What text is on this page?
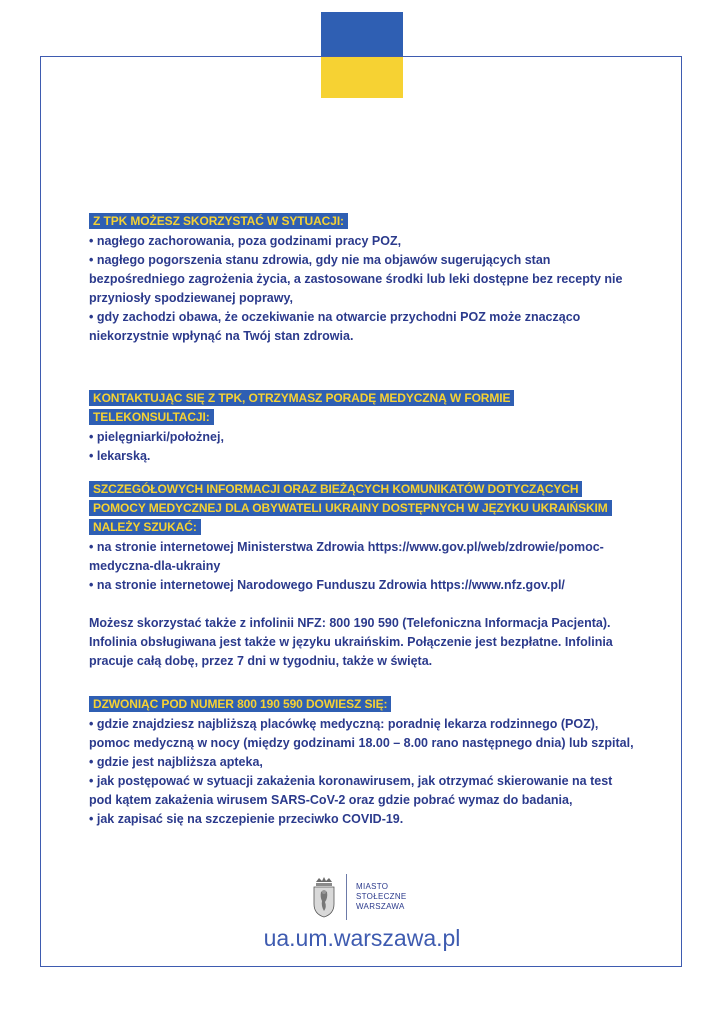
Z TPK MOŻESZ SKORZYSTAĆ W SYTUACJI:
• nagłego zachorowania, poza godzinami pracy POZ,
• nagłego pogorszenia stanu zdrowia, gdy nie ma objawów sugerujących stan bezpośredniego zagrożenia życia, a zastosowane środki lub leki dostępne bez recepty nie przyniosły spodziewanej poprawy,
• gdy zachodzi obawa, że oczekiwanie na otwarcie przychodni POZ może znacząco niekorzystnie wpłynąć na Twój stan zdrowia.
KONTAKTUJĄC SIĘ Z TPK, OTRZYMASZ PORADĘ MEDYCZNĄ W FORMIE TELEKONSULTACJI:
• pielęgniarki/położnej,
• lekarską.
SZCZEGÓŁOWYCH INFORMACJI ORAZ BIEŻĄCYCH KOMUNIKATÓW DOTYCZĄCYCH POMOCY MEDYCZNEJ DLA OBYWATELI UKRAINY DOSTĘPNYCH W JĘZYKU UKRAIŃSKIM NALEŻY SZUKAĆ:
• na stronie internetowej Ministerstwa Zdrowia https://www.gov.pl/web/zdrowie/pomoc-medyczna-dla-ukrainy
• na stronie internetowej Narodowego Funduszu Zdrowia https://www.nfz.gov.pl/
Możesz skorzystać także z infolinii NFZ: 800 190 590 (Telefoniczna Informacja Pacjenta). Infolinia obsługiwana jest także w języku ukraińskim. Połączenie jest bezpłatne. Infolinia pracuje całą dobę, przez 7 dni w tygodniu, także w święta.
DZWONIĄC POD NUMER 800 190 590 DOWIESZ SIĘ:
• gdzie znajdziesz najbliższą placówkę medyczną: poradnię lekarza rodzinnego (POZ), pomoc medyczną w nocy (między godzinami 18.00 – 8.00 rano następnego dnia) lub szpital,
• gdzie jest najbliższa apteka,
• jak postępować w sytuacji zakażenia koronawirusem, jak otrzymać skierowanie na test pod kątem zakażenia wirusem SARS-CoV-2 oraz gdzie pobrać wymaz do badania,
• jak zapisać się na szczepienie przeciwko COVID-19.
MIASTO
STOŁECZNE
WARSZAWA
ua.um.warszawa.pl
